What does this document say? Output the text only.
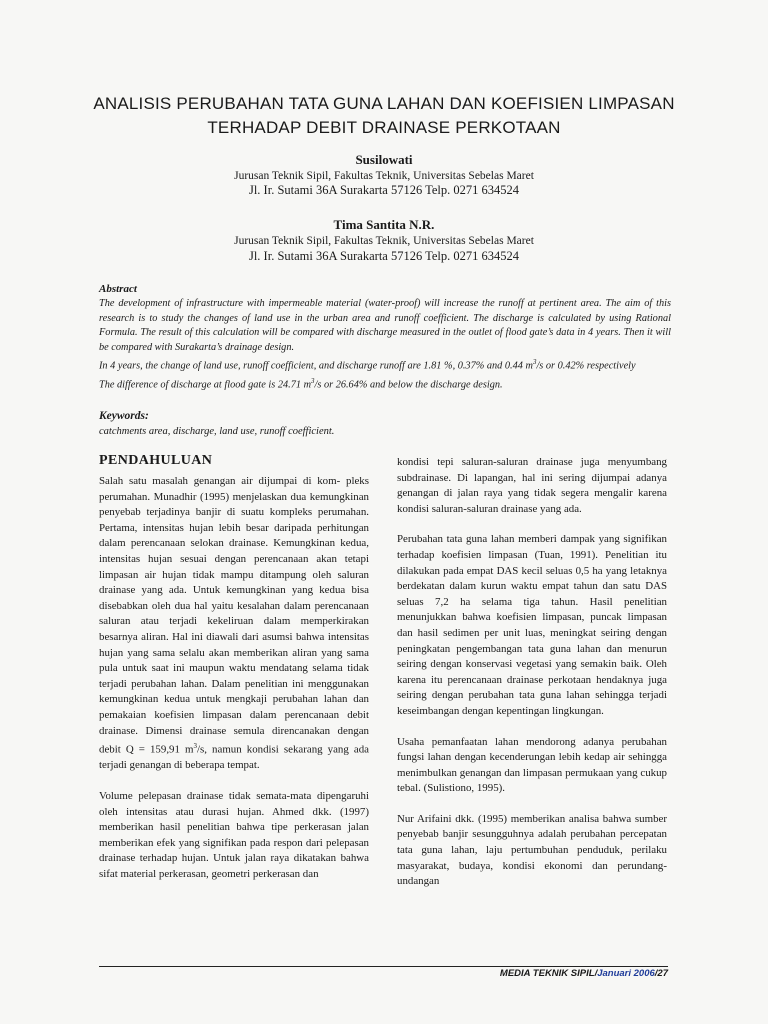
ANALISIS PERUBAHAN TATA GUNA LAHAN DAN KOEFISIEN LIMPASAN
TERHADAP DEBIT DRAINASE PERKOTAAN
Susilowati
Jurusan Teknik Sipil, Fakultas Teknik, Universitas Sebelas Maret
Jl. Ir. Sutami 36A Surakarta 57126 Telp. 0271 634524
Tima Santita N.R.
Jurusan Teknik Sipil, Fakultas Teknik, Universitas Sebelas Maret
Jl. Ir. Sutami 36A Surakarta 57126 Telp. 0271 634524
Abstract

The development of infrastructure with impermeable material (water-proof) will increase the runoff at pertinent area. The aim of this research is to study the changes of land use in the urban area and runoff coefficient. The discharge is calculated by using Rational Formula. The result of this calculation will be compared with discharge measured in the outlet of flood gate’s data in 4 years. Then it will be compared with Surakarta’s drainage design.

In 4 years, the change of land use, runoff coefficient, and discharge runoff are 1.81 %, 0.37% and 0.44 $m^3/s$ or 0.42% respectively

The difference of discharge at flood gate is 24.71 $m^3/s$ or 26.64% and below the discharge design.

Keywords:
catchments area, discharge, land use, runoff coefficient.
PENDAHULUAN

Salah satu masalah genangan air dijumpai di kom- pleks perumahan. Munadhir (1995) menjelaskan dua kemungkinan penyebab terjadinya banjir di suatu kompleks perumahan. Pertama, intensitas hujan lebih besar daripada perhitungan dalam perencanaan selokan drainase. Kemungkinan kedua, intensitas hujan sesuai dengan perencanaan akan tetapi limpasan air hujan tidak mampu ditampung oleh saluran drainase yang ada. Untuk kemungkinan yang kedua bisa disebabkan oleh dua hal yaitu kesalahan dalam perencanaan saluran atau terjadi kekeliruan dalam memperkirakan besarnya aliran. Hal ini diawali dari asumsi bahwa intensitas hujan yang sama selalu akan memberikan aliran yang sama pula untuk saat ini maupun waktu mendatang selama tidak terjadi perubahan lahan. Dalam penelitian ini menggunakan kemungkinan kedua untuk mengkaji perubahan lahan dan pemakaian koefisien limpasan dalam perencanaan debit drainase. Dimensi drainase semula direncanakan dengan debit Q = 159,91 $m^3/s$, namun kondisi sekarang yang ada terjadi genangan di beberapa tempat.

Volume pelepasan drainase tidak semata-mata dipengaruhi oleh intensitas atau durasi hujan. Ahmed dkk. (1997) memberikan hasil penelitian bahwa tipe perkerasan jalan memberikan efek yang signifikan pada respon dari pelepasan drainase terhadap hujan. Untuk jalan raya dikatakan bahwa sifat material perkerasan, geometri perkerasan dan

kondisi tepi saluran-saluran drainase juga menyumbang subdrainase. Di lapangan, hal ini sering dijumpai adanya genangan di jalan raya yang tidak segera mengalir karena kondisi saluran-saluran drainase yang ada.

Perubahan tata guna lahan memberi dampak yang signifikan terhadap koefisien limpasan (Tuan, 1991). Penelitian itu dilakukan pada empat DAS kecil seluas 0,5 ha yang letaknya berdekatan dalam kurun waktu empat tahun dan satu DAS seluas 7,2 ha selama tiga tahun. Hasil penelitian menunjukkan bahwa koefisien limpasan, puncak limpasan dan hasil sedimen per unit luas, meningkat seiring dengan peningkatan pengembangan tata guna lahan dan menurun seiring dengan konservasi vegetasi yang semakin baik. Oleh karena itu perencanaan drainase perkotaan hendaknya juga seiring dengan perubahan tata guna lahan sehingga terjadi keseimbangan dengan kepentingan lingkungan.

Usaha pemanfaatan lahan mendorong adanya perubahan fungsi lahan dengan kecenderungan lebih kedap air sehingga menimbulkan genangan dan limpasan permukaan yang cukup tebal. (Sulistiono, 1995).

Nur Arifaini dkk. (1995) memberikan analisa bahwa sumber penyebab banjir sesungguhnya adalah perubahan percepatan tata guna lahan, laju pertumbuhan penduduk, perilaku masyarakat, budaya, kondisi ekonomi dan perundang-undangan

MEDIA TEKNIK SIPIL/Januari 2006/27
